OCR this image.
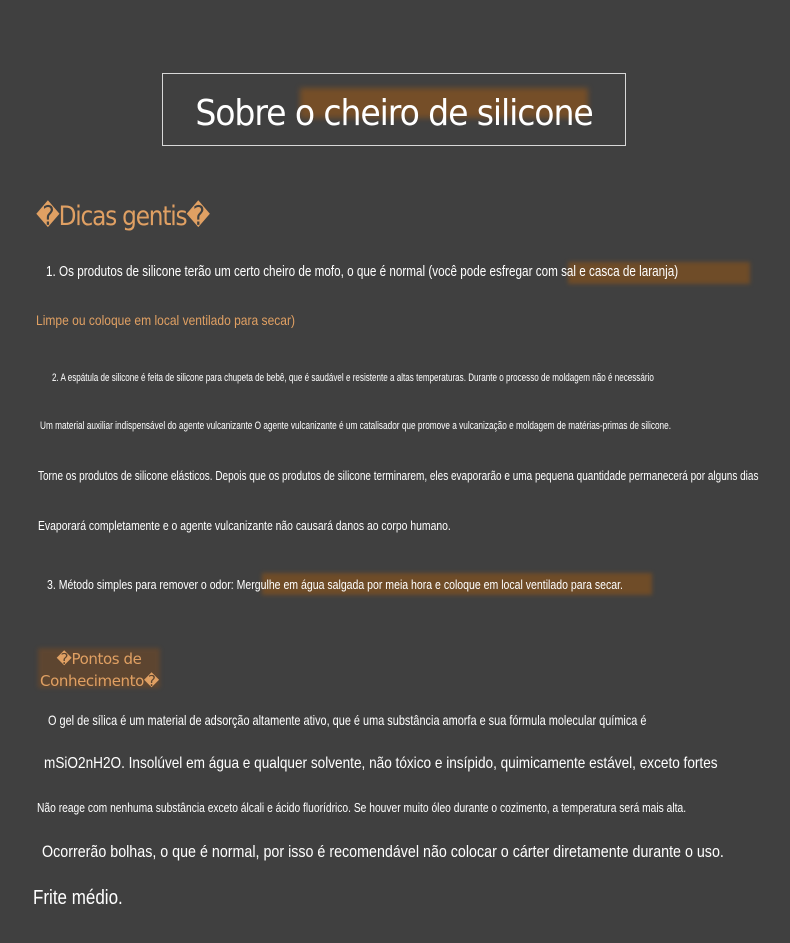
Sobre o cheiro de silicone
�Dicas gentis�
1. Os produtos de silicone terão um certo cheiro de mofo, o que é normal (você pode esfregar com sal e casca de laranja)
Limpe ou coloque em local ventilado para secar)
2. A espátula de silicone é feita de silicone para chupeta de bebê, que é saudável e resistente a altas temperaturas. Durante o processo de moldagem não é necessário
Um material auxiliar indispensável do agente vulcanizante O agente vulcanizante é um catalisador que promove a vulcanização e moldagem de matérias-primas de silicone.
Torne os produtos de silicone elásticos. Depois que os produtos de silicone terminarem, eles evaporarão e uma pequena quantidade permanecerá por alguns dias
Evaporará completamente e o agente vulcanizante não causará danos ao corpo humano.
3. Método simples para remover o odor: Mergulhe em água salgada por meia hora e coloque em local ventilado para secar.
�Pontos de
Conhecimento�
O gel de sílica é um material de adsorção altamente ativo, que é uma substância amorfa e sua fórmula molecular química é
mSiO2nH2O. Insolúvel em água e qualquer solvente, não tóxico e insípido, quimicamente estável, exceto fortes
Não reage com nenhuma substância exceto álcali e ácido fluorídrico. Se houver muito óleo durante o cozimento, a temperatura será mais alta.
Ocorrerão bolhas, o que é normal, por isso é recomendável não colocar o cárter diretamente durante o uso.
Frite médio.
